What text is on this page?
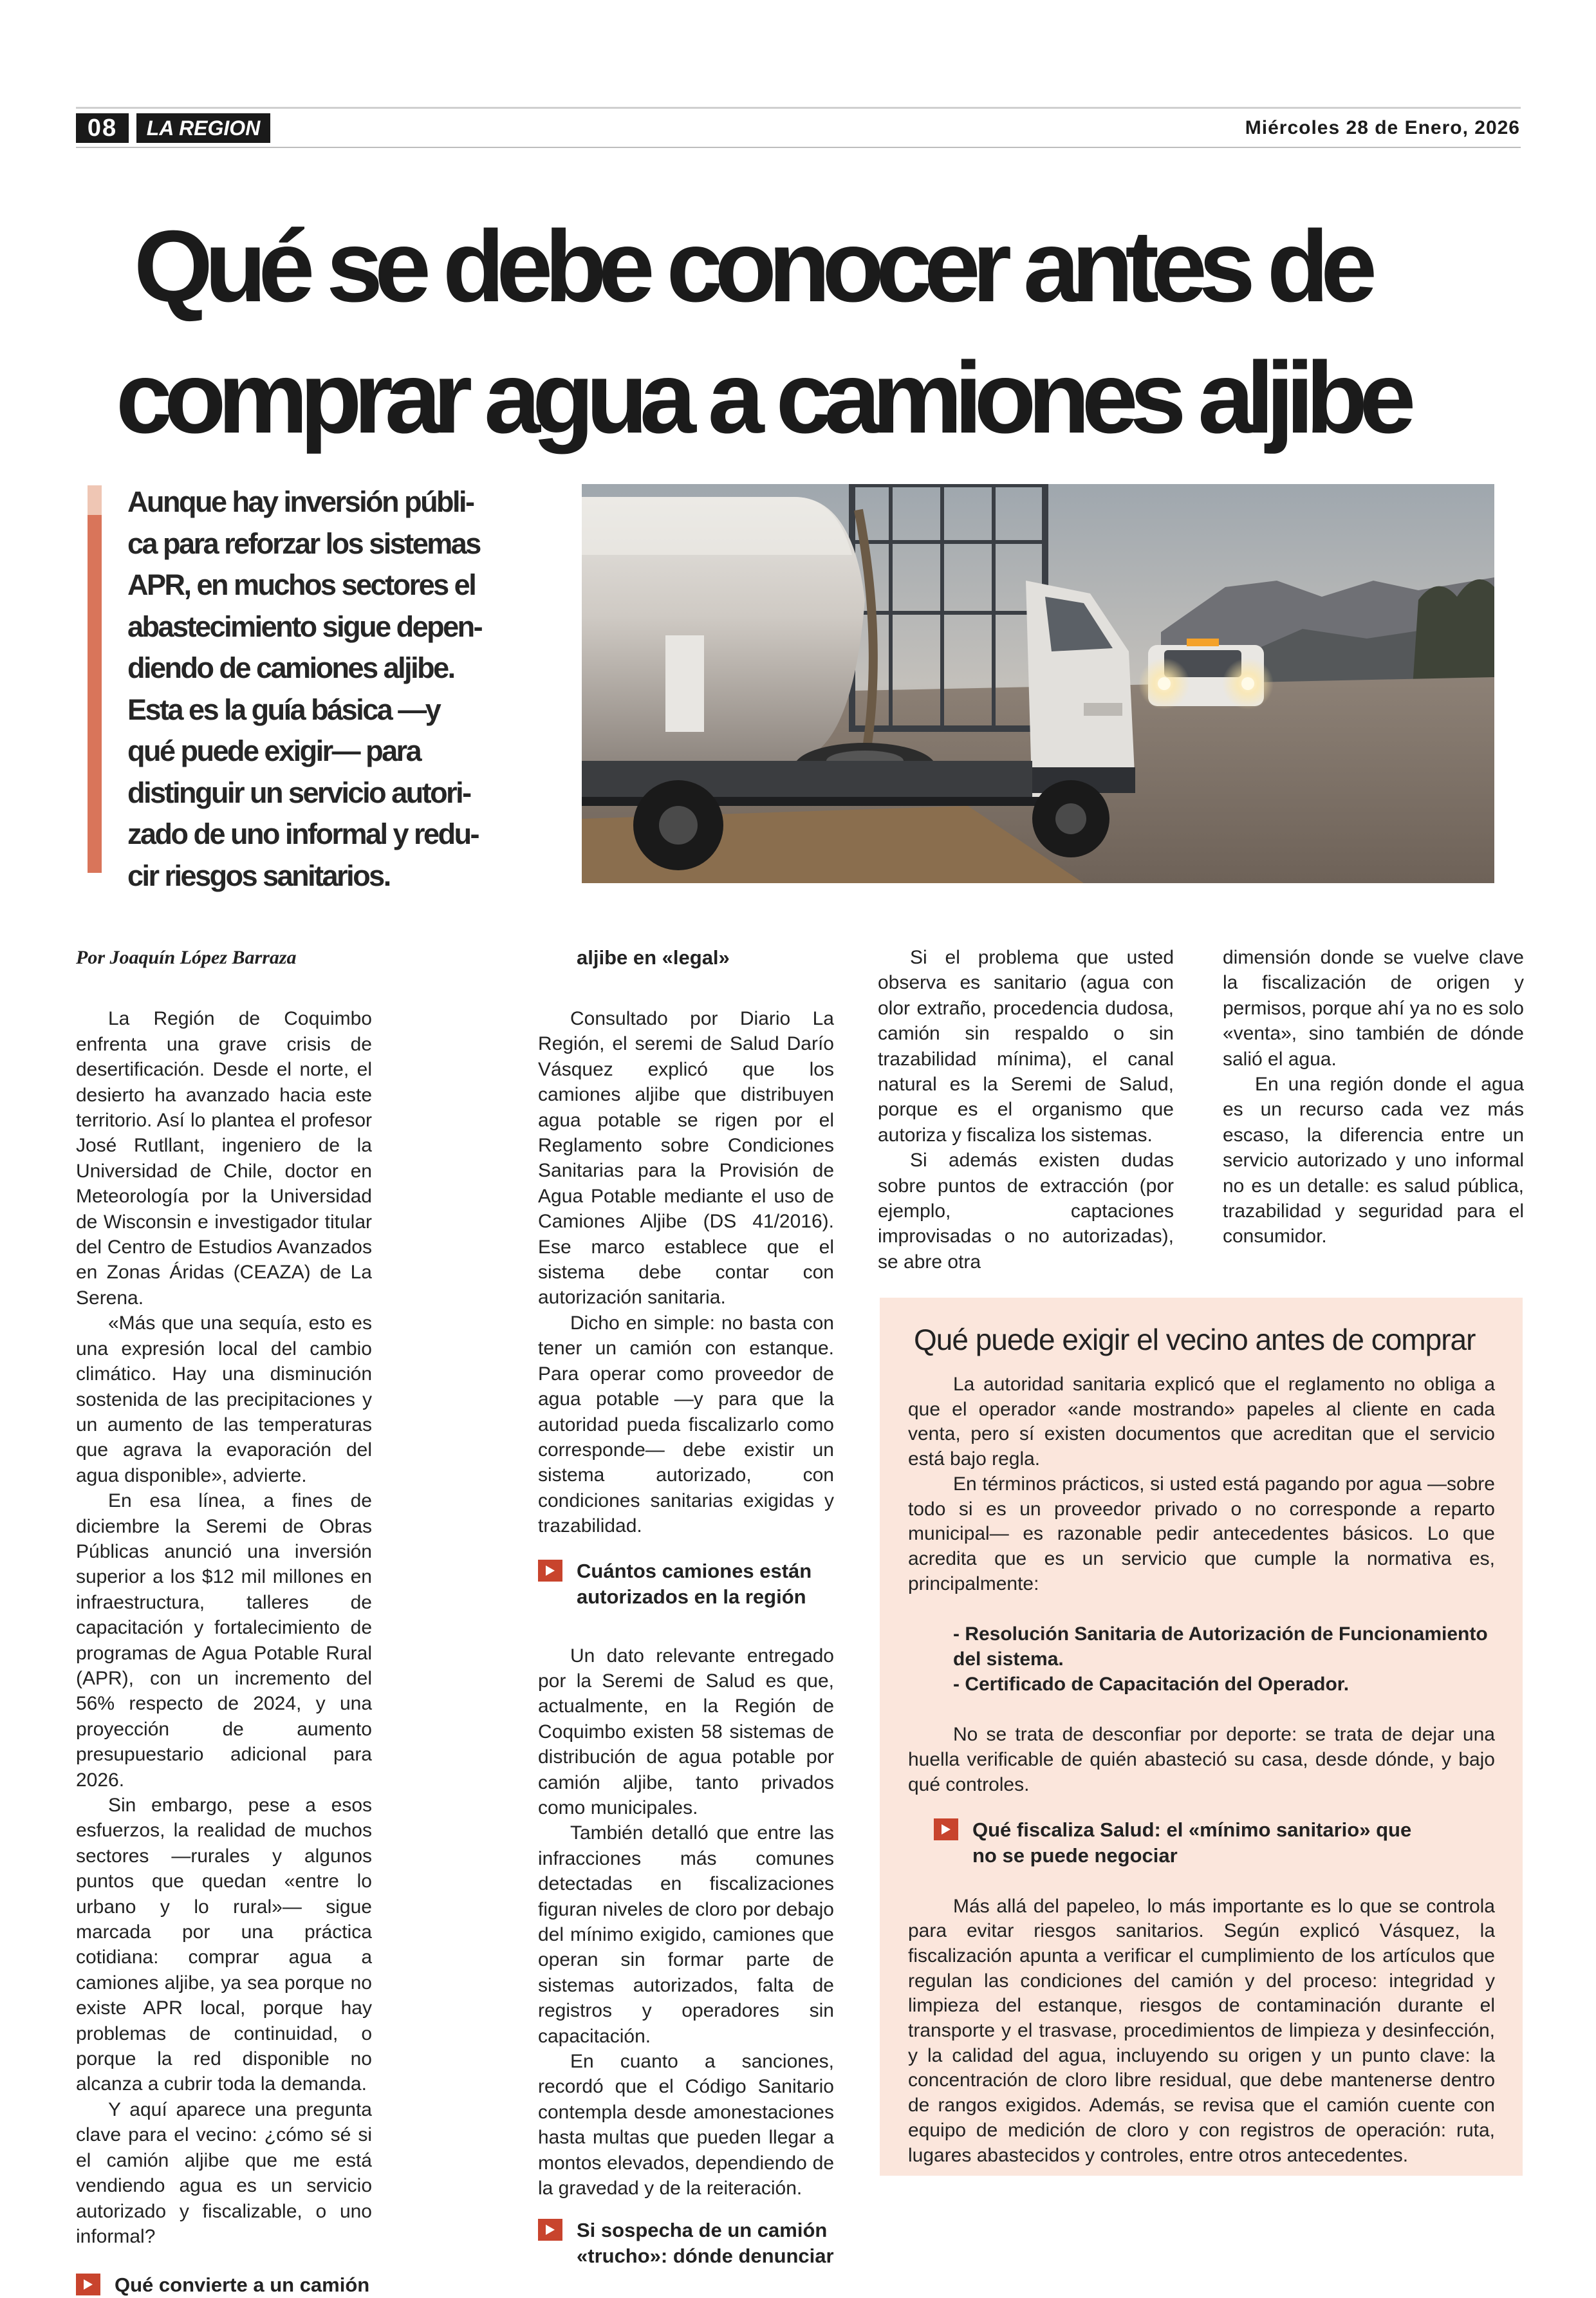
08	LA REGION	Miércoles 28 de Enero, 2026
Qué se debe conocer antes de
comprar agua a camiones aljibe
Aunque hay inversión públi-
ca para reforzar los sistemas
APR, en muchos sectores el
abastecimiento sigue depen-
diendo de camiones aljibe.
Esta es la guía básica —y
qué puede exigir— para
distinguir un servicio autori-
zado de uno informal y redu-
cir riesgos sanitarios.

Por Joaquín López Barraza

La Región de Coquimbo enfrenta una grave crisis de desertificación. Desde el norte, el desierto ha avanzado hacia este territorio. Así lo plantea el profesor José Rutllant, ingeniero de la Universidad de Chile, doctor en Meteorología por la Universidad de Wisconsin e investigador titular del Centro de Estudios Avanzados en Zonas Áridas (CEAZA) de La Serena.

«Más que una sequía, esto es una expresión local del cambio climático. Hay una disminución sostenida de las precipitaciones y un aumento de las temperaturas que agrava la evaporación del agua disponible», advierte.

En esa línea, a fines de diciembre la Seremi de Obras Públicas anunció una inversión superior a los $12 mil millones en infraestructura, talleres de capacitación y fortalecimiento de programas de Agua Potable Rural (APR), con un incremento del 56% respecto de 2024, y una proyección de aumento presupuestario adicional para 2026.

Sin embargo, pese a esos esfuerzos, la realidad de muchos sectores —rurales y algunos puntos que quedan «entre lo urbano y lo rural»— sigue marcada por una práctica cotidiana: comprar agua a camiones aljibe, ya sea porque no existe APR local, porque hay problemas de continuidad, o porque la red disponible no alcanza a cubrir toda la demanda.

Y aquí aparece una pregunta clave para el vecino: ¿cómo sé si el camión aljibe que me está vendiendo agua es un servicio autorizado y fiscalizable, o uno informal?

Qué convierte a un camión
aljibe en «legal»

Consultado por Diario La Región, el seremi de Salud Darío Vásquez explicó que los camiones aljibe que distribuyen agua potable se rigen por el Reglamento sobre Condiciones Sanitarias para la Provisión de Agua Potable mediante el uso de Camiones Aljibe (DS 41/2016). Ese marco establece que el sistema debe contar con autorización sanitaria.

Dicho en simple: no basta con tener un camión con estanque. Para operar como proveedor de agua potable —y para que la autoridad pueda fiscalizarlo como corresponde— debe existir un sistema autorizado, con condiciones sanitarias exigidas y trazabilidad.

Cuántos camiones están autorizados en la región

Un dato relevante entregado por la Seremi de Salud es que, actualmente, en la Región de Coquimbo existen 58 sistemas de distribución de agua potable por camión aljibe, tanto privados como municipales.

También detalló que entre las infracciones más comunes detectadas en fiscalizaciones figuran niveles de cloro por debajo del mínimo exigido, camiones que operan sin formar parte de sistemas autorizados, falta de registros y operadores sin capacitación.

En cuanto a sanciones, recordó que el Código Sanitario contempla desde amonestaciones hasta multas que pueden llegar a montos elevados, dependiendo de la gravedad y de la reiteración.

Si sospecha de un camión «trucho»: dónde denunciar

Si el problema que usted observa es sanitario (agua con olor extraño, procedencia dudosa, camión sin respaldo o sin trazabilidad mínima), el canal natural es la Seremi de Salud, porque es el organismo que autoriza y fiscaliza los sistemas.

Si además existen dudas sobre puntos de extracción (por ejemplo, captaciones improvisadas o no autorizadas), se abre otra

dimensión donde se vuelve clave la fiscalización de origen y permisos, porque ahí ya no es solo «venta», sino también de dónde salió el agua.

En una región donde el agua es un recurso cada vez más escaso, la diferencia entre un servicio autorizado y uno informal no es un detalle: es salud pública, trazabilidad y seguridad para el consumidor.

Qué puede exigir el vecino antes de comprar

La autoridad sanitaria explicó que el reglamento no obliga a que el operador «ande mostrando» papeles al cliente en cada venta, pero sí existen documentos que acreditan que el servicio está bajo regla.

En términos prácticos, si usted está pagando por agua —sobre todo si es un proveedor privado o no corresponde a reparto municipal— es razonable pedir antecedentes básicos. Lo que acredita que es un servicio que cumple la normativa es, principalmente:

- Resolución Sanitaria de Autorización de Funcionamiento del sistema.

- Certificado de Capacitación del Operador.

No se trata de desconfiar por deporte: se trata de dejar una huella verificable de quién abasteció su casa, desde dónde, y bajo qué controles.

Qué fiscaliza Salud: el «mínimo sanitario» que no se puede negociar

Más allá del papeleo, lo más importante es lo que se controla para evitar riesgos sanitarios. Según explicó Vásquez, la fiscalización apunta a verificar el cumplimiento de los artículos que regulan las condiciones del camión y del proceso: integridad y limpieza del estanque, riesgos de contaminación durante el transporte y el trasvase, procedimientos de limpieza y desinfección, y la calidad del agua, incluyendo su origen y un punto clave: la concentración de cloro libre residual, que debe mantenerse dentro de rangos exigidos. Además, se revisa que el camión cuente con equipo de medición de cloro y con registros de operación: ruta, lugares abastecidos y controles, entre otros antecedentes.
